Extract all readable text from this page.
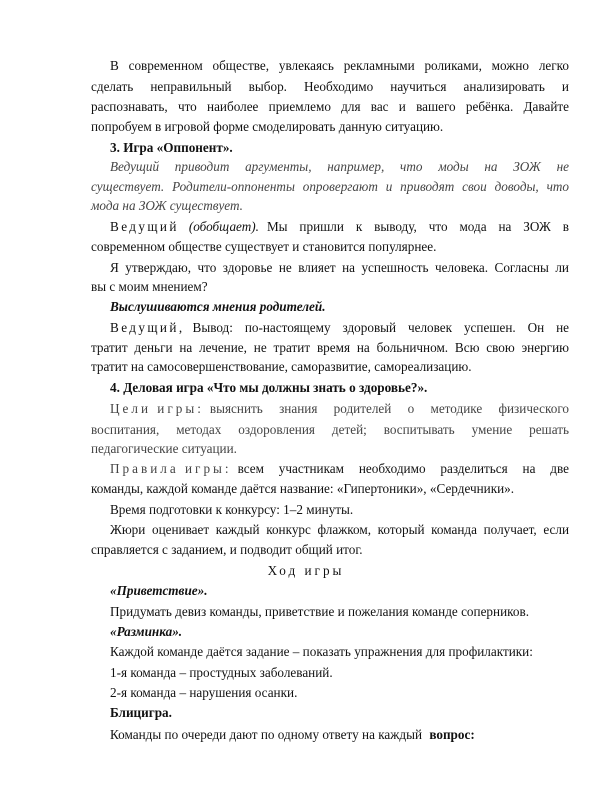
В современном обществе, увлекаясь рекламными роликами, можно легко
сделать неправильный выбор. Необходимо научиться анализировать и
распознавать, что наиболее приемлемо для вас и вашего ребёнка. Давайте
попробуем в игровой форме смоделировать данную ситуацию.
3. Игра «Оппонент».
Ведущий приводит аргументы, например, что моды на ЗОЖ не
существует. Родители-оппоненты опровергают и приводят свои доводы, что
мода на ЗОЖ существует.
Ведущий (обобщает). Мы пришли к выводу, что мода на ЗОЖ в
современном обществе существует и становится популярнее.
Я утверждаю, что здоровье не влияет на успешность человека. Согласны ли
вы с моим мнением?
Выслушиваются мнения родителей.
Ведущий, Вывод: по-настоящему здоровый человек успешен. Он не
тратит деньги на лечение, не тратит время на больничном. Всю свою энергию
тратит на самосовершенствование, саморазвитие, самореализацию.
4. Деловая игра «Что мы должны знать о здоровье?».
Цели игры: выяснить знания родителей о методике физического
воспитания, методах оздоровления детей; воспитывать умение решать
педагогические ситуации.
Правила игры: всем участникам необходимо разделиться на две
команды, каждой команде даётся название: «Гипертоники», «Сердечники».
Время подготовки к конкурсу: 1–2 минуты.
Жюри оценивает каждый конкурс флажком, который команда получает, если
справляется с заданием, и подводит общий итог.
Ход игры
«Приветствие».
Придумать девиз команды, приветствие и пожелания команде соперников.
«Разминка».
Каждой команде даётся задание – показать упражнения для профилактики:
1-я команда – простудных заболеваний.
2-я команда – нарушения осанки.
Блицигра.
Команды по очереди дают по одному ответу на каждый вопрос:
